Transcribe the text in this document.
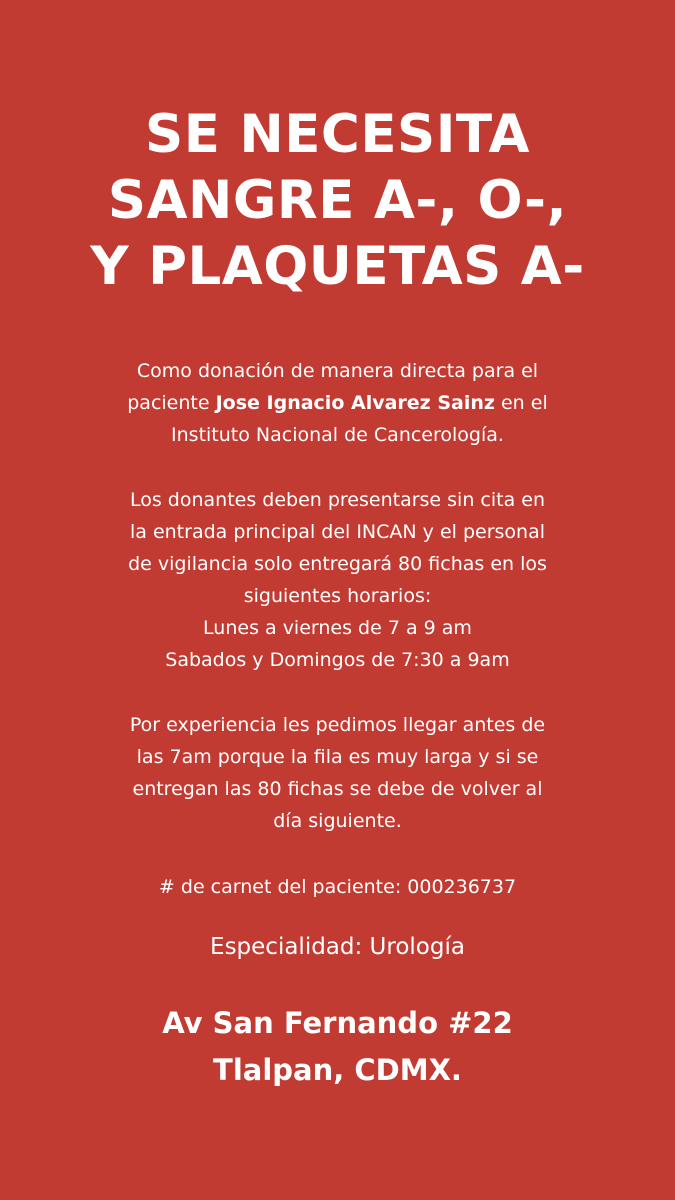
SE NECESITA
SANGRE A-, O-,
Y PLAQUETAS A-

Como donación de manera directa para el
paciente Jose Ignacio Alvarez Sainz en el
Instituto Nacional de Cancerología.

Los donantes deben presentarse sin cita en
la entrada principal del INCAN y el personal
de vigilancia solo entregará 80 fichas en los
siguientes horarios:
Lunes a viernes de 7 a 9 am
Sabados y Domingos de 7:30 a 9am

Por experiencia les pedimos llegar antes de
las 7am porque la fila es muy larga y si se
entregan las 80 fichas se debe de volver al
día siguiente.

# de carnet del paciente: 000236737
Especialidad: Urología
Av San Fernando #22
Tlalpan, CDMX.
